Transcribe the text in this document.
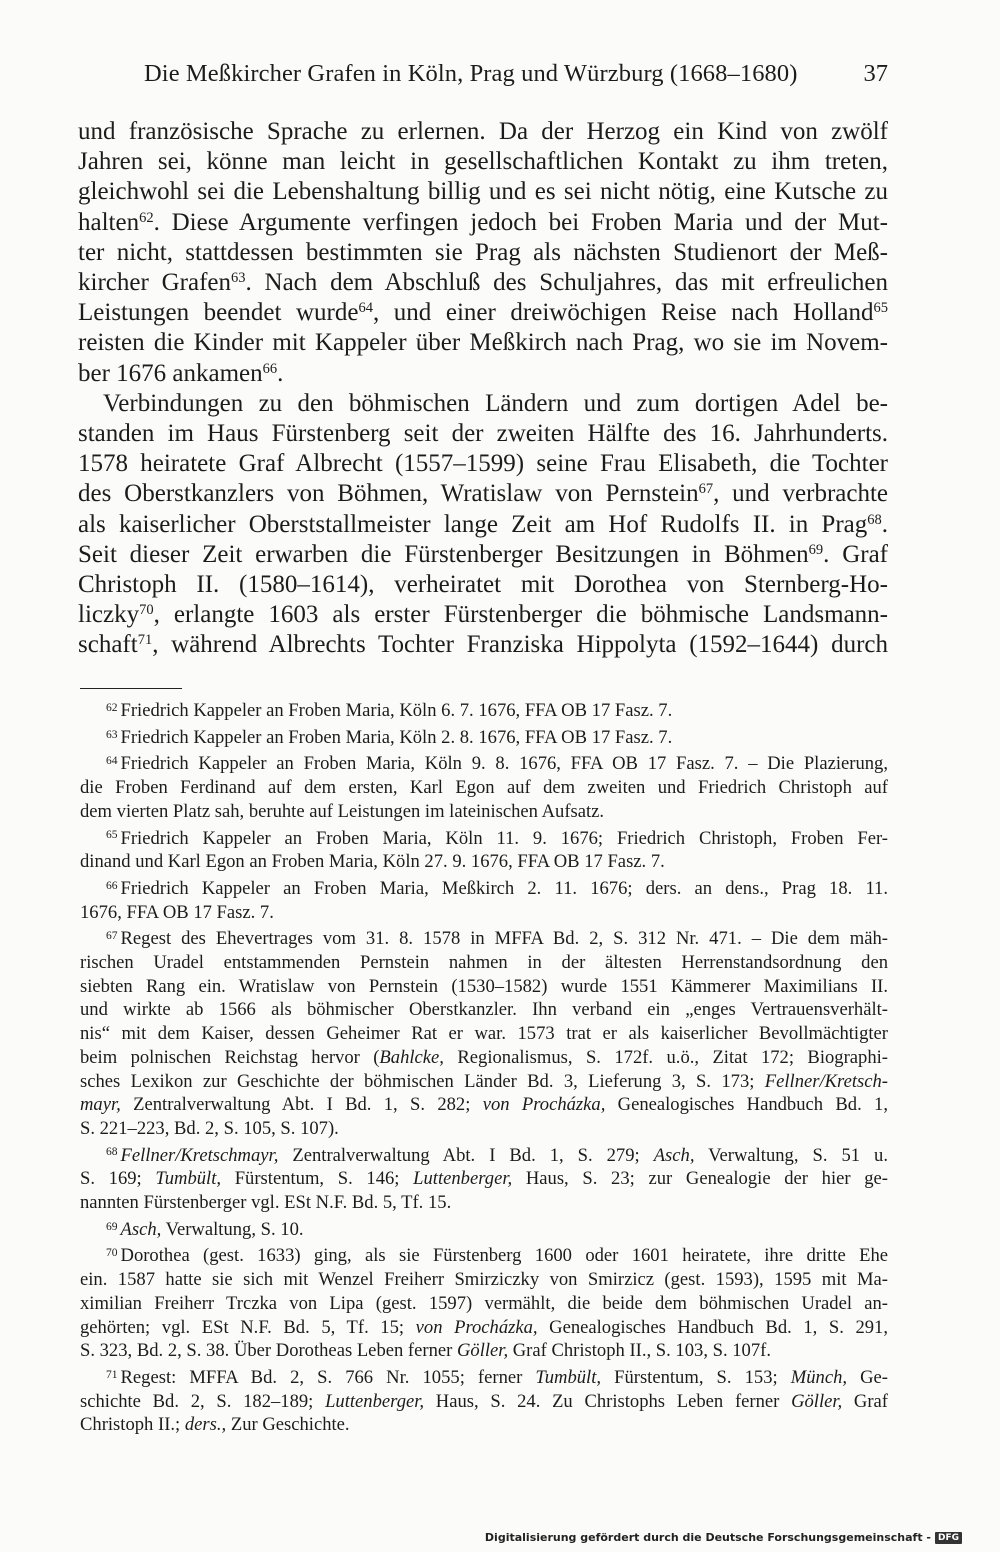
Die Meßkircher Grafen in Köln, Prag und Würzburg (1668–1680)	37
und französische Sprache zu erlernen. Da der Herzog ein Kind von zwölf
Jahren sei, könne man leicht in gesellschaftlichen Kontakt zu ihm treten,
gleichwohl sei die Lebenshaltung billig und es sei nicht nötig, eine Kutsche zu
halten$^{62}$. Diese Argumente verfingen jedoch bei Froben Maria und der Mut-
ter nicht, stattdessen bestimmten sie Prag als nächsten Studienort der Meß-
kircher Grafen$^{63}$. Nach dem Abschluß des Schuljahres, das mit erfreulichen
Leistungen beendet wurde$^{64}$, und einer dreiwöchigen Reise nach Holland$^{65}$
reisten die Kinder mit Kappeler über Meßkirch nach Prag, wo sie im Novem-
ber 1676 ankamen$^{66}$.
Verbindungen zu den böhmischen Ländern und zum dortigen Adel be-
standen im Haus Fürstenberg seit der zweiten Hälfte des 16. Jahrhunderts.
1578 heiratete Graf Albrecht (1557–1599) seine Frau Elisabeth, die Tochter
des Oberstkanzlers von Böhmen, Wratislaw von Pernstein$^{67}$, und verbrachte
als kaiserlicher Oberststallmeister lange Zeit am Hof Rudolfs II. in Prag$^{68}$.
Seit dieser Zeit erwarben die Fürstenberger Besitzungen in Böhmen$^{69}$. Graf
Christoph II. (1580–1614), verheiratet mit Dorothea von Sternberg-Ho-
liczky$^{70}$, erlangte 1603 als erster Fürstenberger die böhmische Landsmann-
schaft$^{71}$, während Albrechts Tochter Franziska Hippolyta (1592–1644) durch
$^{62}$ Friedrich Kappeler an Froben Maria, Köln 6. 7. 1676, FFA OB 17 Fasz. 7.
$^{63}$ Friedrich Kappeler an Froben Maria, Köln 2. 8. 1676, FFA OB 17 Fasz. 7.
$^{64}$ Friedrich Kappeler an Froben Maria, Köln 9. 8. 1676, FFA OB 17 Fasz. 7. – Die Plazierung,
die Froben Ferdinand auf dem ersten, Karl Egon auf dem zweiten und Friedrich Christoph auf
dem vierten Platz sah, beruhte auf Leistungen im lateinischen Aufsatz.
$^{65}$ Friedrich Kappeler an Froben Maria, Köln 11. 9. 1676; Friedrich Christoph, Froben Fer-
dinand und Karl Egon an Froben Maria, Köln 27. 9. 1676, FFA OB 17 Fasz. 7.
$^{66}$ Friedrich Kappeler an Froben Maria, Meßkirch 2. 11. 1676; ders. an dens., Prag 18. 11.
1676, FFA OB 17 Fasz. 7.
$^{67}$ Regest des Ehevertrages vom 31. 8. 1578 in MFFA Bd. 2, S. 312 Nr. 471. – Die dem mäh-
rischen Uradel entstammenden Pernstein nahmen in der ältesten Herrenstandsordnung den
siebten Rang ein. Wratislaw von Pernstein (1530–1582) wurde 1551 Kämmerer Maximilians II.
und wirkte ab 1566 als böhmischer Oberstkanzler. Ihn verband ein „enges Vertrauensverhält-
nis“ mit dem Kaiser, dessen Geheimer Rat er war. 1573 trat er als kaiserlicher Bevollmächtigter
beim polnischen Reichstag hervor (Bahlcke, Regionalismus, S. 172f. u.ö., Zitat 172; Biographi-
sches Lexikon zur Geschichte der böhmischen Länder Bd. 3, Lieferung 3, S. 173; Fellner/Kretsch-
mayr, Zentralverwaltung Abt. I Bd. 1, S. 282; von Procházka, Genealogisches Handbuch Bd. 1,
S. 221–223, Bd. 2, S. 105, S. 107).
$^{68}$ Fellner/Kretschmayr, Zentralverwaltung Abt. I Bd. 1, S. 279; Asch, Verwaltung, S. 51 u.
S. 169; Tumbült, Fürstentum, S. 146; Luttenberger, Haus, S. 23; zur Genealogie der hier ge-
nannten Fürstenberger vgl. ESt N.F. Bd. 5, Tf. 15.
$^{69}$ Asch, Verwaltung, S. 10.
$^{70}$ Dorothea (gest. 1633) ging, als sie Fürstenberg 1600 oder 1601 heiratete, ihre dritte Ehe
ein. 1587 hatte sie sich mit Wenzel Freiherr Smirziczky von Smirzicz (gest. 1593), 1595 mit Ma-
ximilian Freiherr Trczka von Lipa (gest. 1597) vermählt, die beide dem böhmischen Uradel an-
gehörten; vgl. ESt N.F. Bd. 5, Tf. 15; von Procházka, Genealogisches Handbuch Bd. 1, S. 291,
S. 323, Bd. 2, S. 38. Über Dorotheas Leben ferner Göller, Graf Christoph II., S. 103, S. 107f.
$^{71}$ Regest: MFFA Bd. 2, S. 766 Nr. 1055; ferner Tumbült, Fürstentum, S. 153; Münch, Ge-
schichte Bd. 2, S. 182–189; Luttenberger, Haus, S. 24. Zu Christophs Leben ferner Göller, Graf
Christoph II.; ders., Zur Geschichte.
Digitalisierung gefördert durch die Deutsche Forschungsgemeinschaft - DFG
